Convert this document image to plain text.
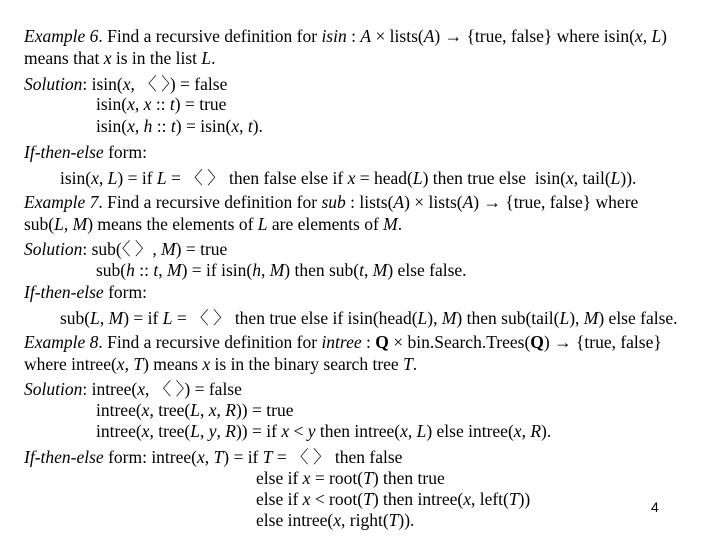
Example 6. Find a recursive definition for isin : A × lists(A) → {true, false} where isin(x, L)
means that x is in the list L.
Solution: isin(x, 〈 〉) = false
isin(x, x :: t) = true
isin(x, h :: t) = isin(x, t).
If-then-else form:
isin(x, L) = if L = 〈 〉 then false else if x = head(L) then true else  isin(x, tail(L)).
Example 7. Find a recursive definition for sub : lists(A) × lists(A) → {true, false} where
sub(L, M) means the elements of L are elements of M.
Solution: sub(〈 〉, M) = true
sub(h :: t, M) = if isin(h, M) then sub(t, M) else false.
If-then-else form:
sub(L, M) = if L = 〈 〉 then true else if isin(head(L), M) then sub(tail(L), M) else false.
Example 8. Find a recursive definition for intree : Q × bin.Search.Trees(Q) → {true, false}
where intree(x, T) means x is in the binary search tree T.
Solution: intree(x, 〈 〉) = false
intree(x, tree(L, x, R)) = true
intree(x, tree(L, y, R)) = if x < y then intree(x, L) else intree(x, R).
If-then-else form: intree(x, T) = if T = 〈 〉 then false
else if x = root(T) then true
else if x < root(T) then intree(x, left(T))
else intree(x, right(T)).
4
